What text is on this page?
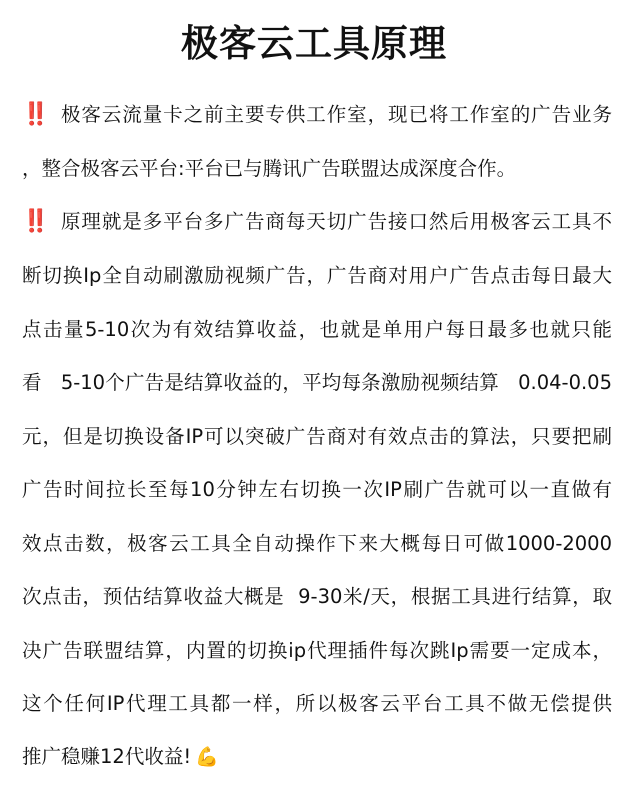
极客云工具原理
‼️ 极客云流量卡之前主要专供工作室，现已将工作室的广告业务
，整合极客云平台:平台已与腾讯广告联盟达成深度合作。
‼️ 原理就是多平台多广告商每天切广告接口然后用极客云工具不
断切换Ip全自动刷激励视频广告，广告商对用户广告点击每日最大
点击量5-10次为有效结算收益，也就是单用户每日最多也就只能
看   5-10个广告是结算收益的，平均每条激励视频结算   0.04-0.05
元，但是切换设备IP可以突破广告商对有效点击的算法，只要把刷
广告时间拉长至每10分钟左右切换一次IP刷广告就可以一直做有
效点击数，极客云工具全自动操作下来大概每日可做1000-2000
次点击，预估结算收益大概是  9-30米/天，根据工具进行结算，取
决广告联盟结算，内置的切换ip代理插件每次跳Ip需要一定成本，
这个任何IP代理工具都一样，所以极客云平台工具不做无偿提供
推广稳赚12代收益! 💪
